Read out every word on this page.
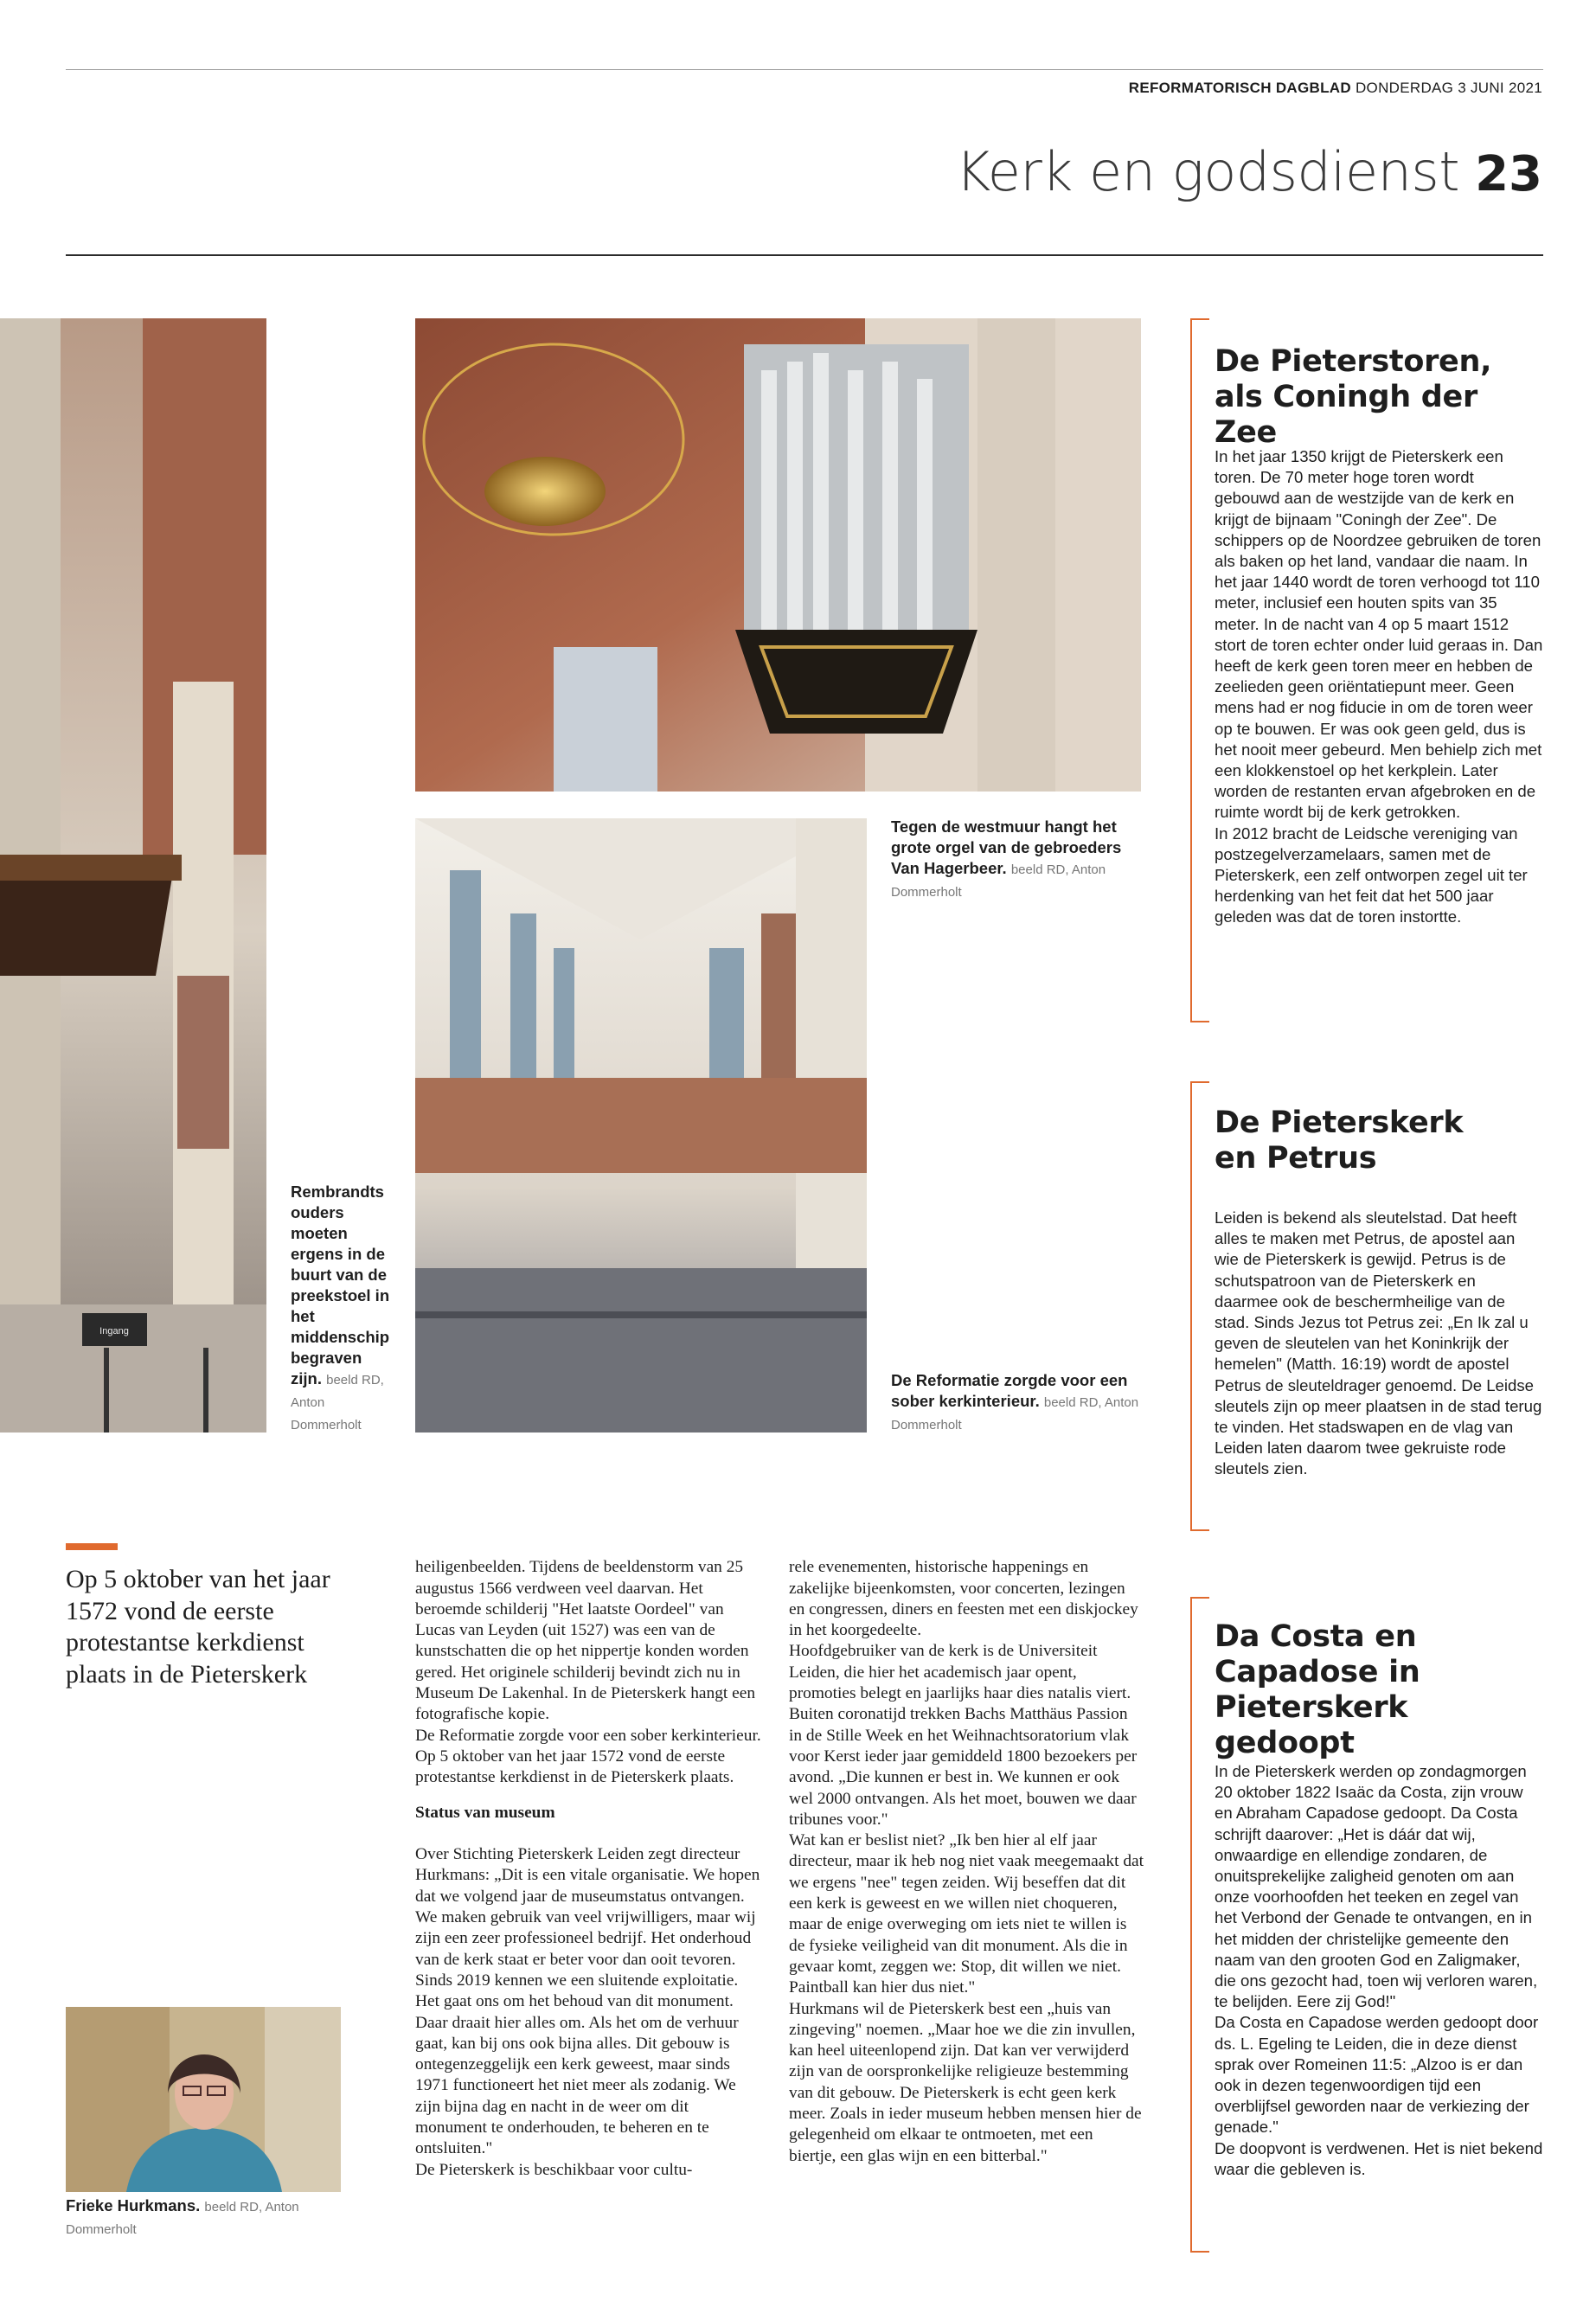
REFORMATORISCH DAGBLAD DONDERDAG 3 JUNI 2021
Kerk en godsdienst 23
Ingang
Rembrandts ouders moeten ergens in de buurt van de preekstoel in het middenschip begraven zijn. beeld RD, Anton Dommerholt
Tegen de westmuur hangt het grote orgel van de gebroeders Van Hagerbeer. beeld RD, Anton Dommerholt
De Reformatie zorgde voor een sober kerkinterieur. beeld RD, Anton Dommerholt
De Pieterstoren, als Coningh der Zee

In het jaar 1350 krijgt de Pieterskerk een toren. De 70 meter hoge toren wordt gebouwd aan de westzijde van de kerk en krijgt de bijnaam "Coningh der Zee". De schippers op de Noordzee gebruiken de toren als baken op het land, vandaar die naam. In het jaar 1440 wordt de toren verhoogd tot 110 meter, inclusief een houten spits van 35 meter. In de nacht van 4 op 5 maart 1512 stort de toren echter onder luid geraas in. Dan heeft de kerk geen toren meer en hebben de zeelieden geen oriëntatiepunt meer. Geen mens had er nog fiducie in om de toren weer op te bouwen. Er was ook geen geld, dus is het nooit meer gebeurd. Men behielp zich met een klokkenstoel op het kerkplein. Later worden de restanten ervan afgebroken en de ruimte wordt bij de kerk getrokken.
In 2012 bracht de Leidsche vereniging van postzegelverzamelaars, samen met de Pieterskerk, een zelf ontworpen zegel uit ter herdenking van het feit dat het 500 jaar geleden was dat de toren instortte.

De Pieterskerk en Petrus

Leiden is bekend als sleutelstad. Dat heeft alles te maken met Petrus, de apostel aan wie de Pieterskerk is gewijd. Petrus is de schutspatroon van de Pieterskerk en daarmee ook de beschermheilige van de stad. Sinds Jezus tot Petrus zei: „En Ik zal u geven de sleutelen van het Koninkrijk der hemelen" (Matth. 16:19) wordt de apostel Petrus de sleuteldrager genoemd. De Leidse sleutels zijn op meer plaatsen in de stad terug te vinden. Het stadswapen en de vlag van Leiden laten daarom twee gekruiste rode sleutels zien.

Da Costa en Capadose in Pieterskerk gedoopt

In de Pieterskerk werden op zondagmorgen 20 oktober 1822 Isaäc da Costa, zijn vrouw en Abraham Capadose gedoopt. Da Costa schrijft daarover: „Het is dáár dat wij, onwaardige en ellendige zondaren, de onuitsprekelijke zaligheid genoten om aan onze voorhoofden het teeken en zegel van het Verbond der Genade te ontvangen, en in het midden der christelijke gemeente den naam van den grooten God en Zaligmaker, die ons gezocht had, toen wij verloren waren, te belijden. Eere zij God!"
Da Costa en Capadose werden gedoopt door ds. L. Egeling te Leiden, die in deze dienst sprak over Romeinen 11:5: „Alzoo is er dan ook in dezen tegenwoordigen tijd een overblijfsel geworden naar de verkiezing der genade."
De doopvont is verdwenen. Het is niet bekend waar die gebleven is.

Op 5 oktober van het jaar 1572 vond de eerste protestantse kerkdienst plaats in de Pieterskerk

Frieke Hurkmans. beeld RD, Anton Dommerholt

heiligenbeelden. Tijdens de beeldenstorm van 25 augustus 1566 verdween veel daarvan. Het beroemde schilderij "Het laatste Oordeel" van Lucas van Leyden (uit 1527) was een van de kunstschatten die op het nippertje konden worden gered. Het originele schilderij bevindt zich nu in Museum De Lakenhal. In de Pieterskerk hangt een fotografische kopie.
De Reformatie zorgde voor een sober kerkinterieur. Op 5 oktober van het jaar 1572 vond de eerste protestantse kerkdienst in de Pieterskerk plaats.

Status van museum

Over Stichting Pieterskerk Leiden zegt directeur Hurkmans: „Dit is een vitale organisatie. We hopen dat we volgend jaar de museumstatus ontvangen. We maken gebruik van veel vrijwilligers, maar wij zijn een zeer professioneel bedrijf. Het onderhoud van de kerk staat er beter voor dan ooit tevoren. Sinds 2019 kennen we een sluitende exploitatie. Het gaat ons om het behoud van dit monument. Daar draait hier alles om. Als het om de verhuur gaat, kan bij ons ook bijna alles. Dit gebouw is ontegenzeggelijk een kerk geweest, maar sinds 1971 functioneert het niet meer als zodanig. We zijn bijna dag en nacht in de weer om dit monument te onderhouden, te beheren en te ontsluiten."
De Pieterskerk is beschikbaar voor cultu-

rele evenementen, historische happenings en zakelijke bijeenkomsten, voor concerten, lezingen en congressen, diners en feesten met een diskjockey in het koorgedeelte.
Hoofdgebruiker van de kerk is de Universiteit Leiden, die hier het academisch jaar opent, promoties belegt en jaarlijks haar dies natalis viert. Buiten coronatijd trekken Bachs Matthäus Passion in de Stille Week en het Weihnachtsoratorium vlak voor Kerst ieder jaar gemiddeld 1800 bezoekers per avond. „Die kunnen er best in. We kunnen er ook wel 2000 ontvangen. Als het moet, bouwen we daar tribunes voor."
Wat kan er beslist niet? „Ik ben hier al elf jaar directeur, maar ik heb nog niet vaak meegemaakt dat we ergens "nee" tegen zeiden. Wij beseffen dat dit een kerk is geweest en we willen niet choqueren, maar de enige overweging om iets niet te willen is de fysieke veiligheid van dit monument. Als die in gevaar komt, zeggen we: Stop, dit willen we niet. Paintball kan hier dus niet."
Hurkmans wil de Pieterskerk best een „huis van zingeving" noemen. „Maar hoe we die zin invullen, kan heel uiteenlopend zijn. Dat kan ver verwijderd zijn van de oorspronkelijke religieuze bestemming van dit gebouw. De Pieterskerk is echt geen kerk meer. Zoals in ieder museum hebben mensen hier de gelegenheid om elkaar te ontmoeten, met een biertje, een glas wijn en een bitterbal."
